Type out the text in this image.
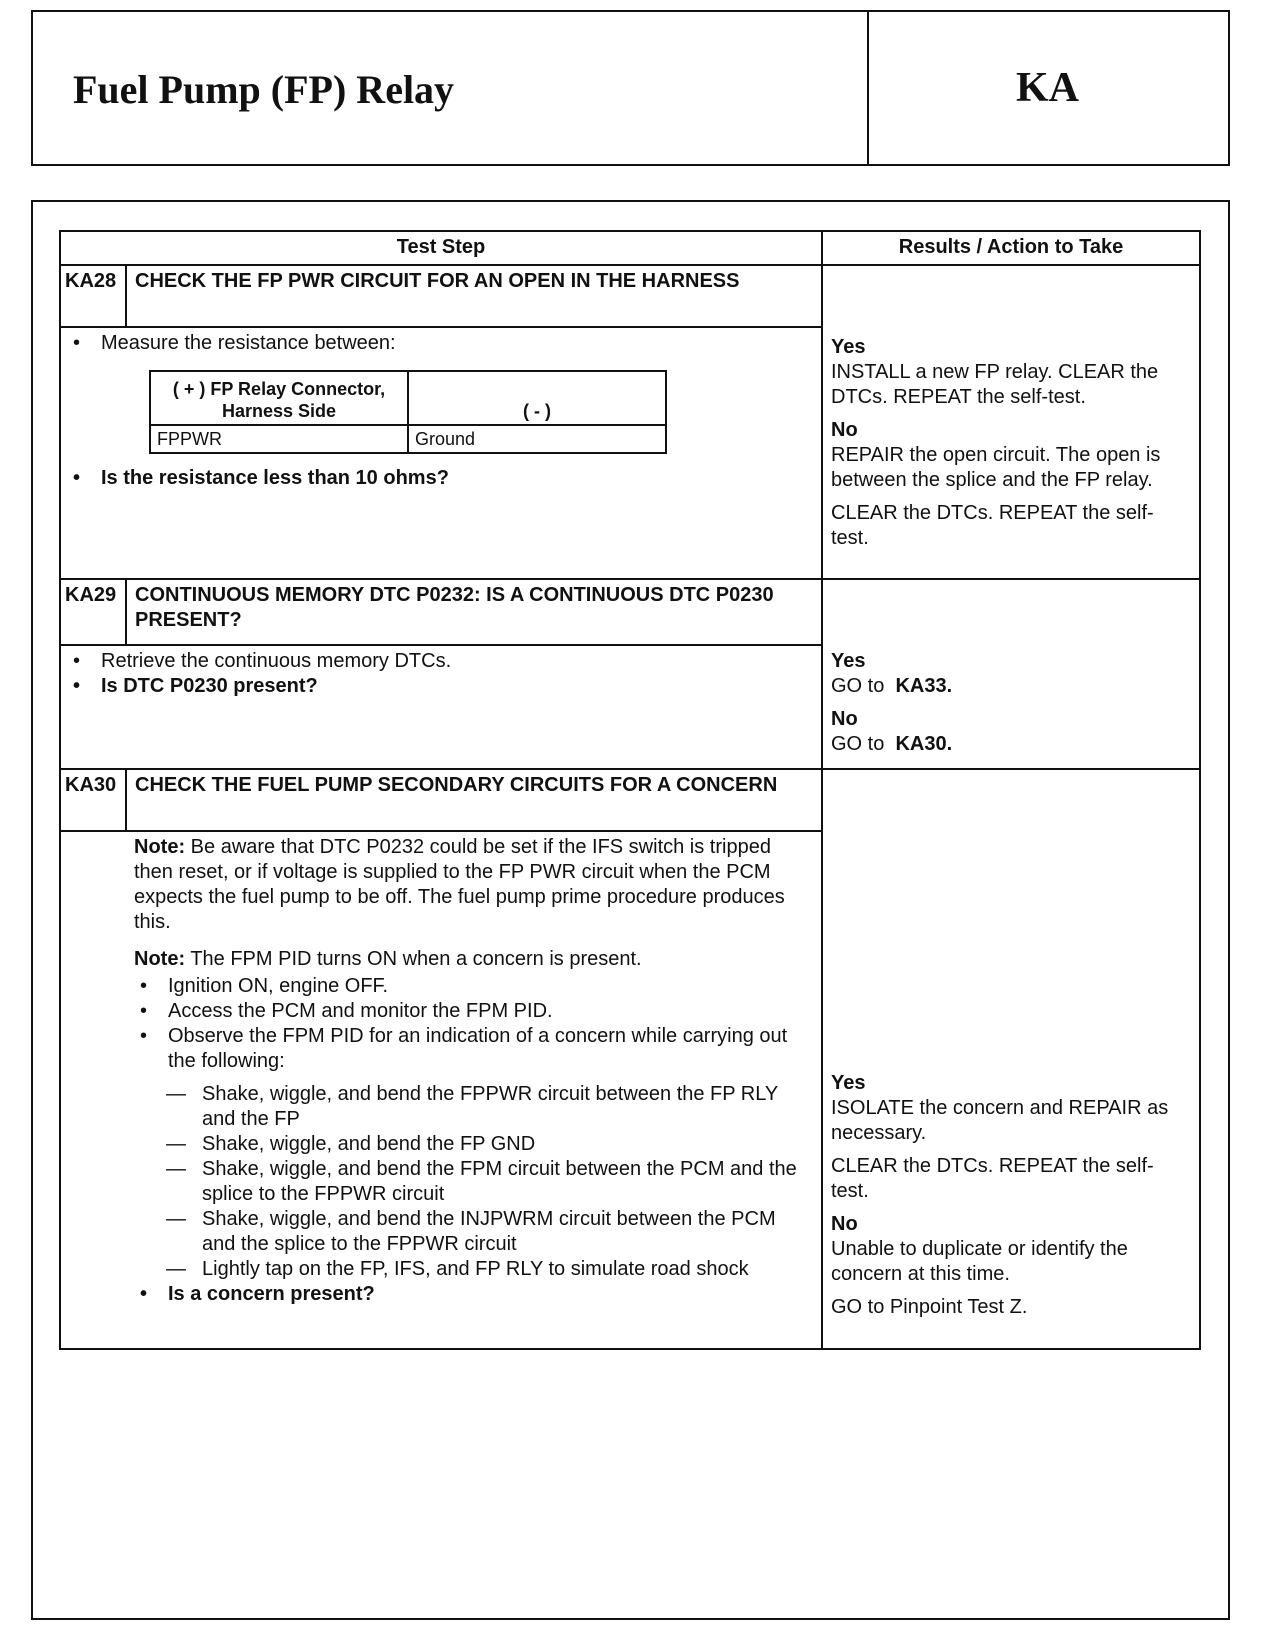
Fuel Pump (FP) Relay	KA
Test Step	Results / Action to Take
KA28	CHECK THE FP PWR CIRCUIT FOR AN OPEN IN THE HARNESS	
Yes

INSTALL a new FP relay. CLEAR the DTCs. REPEAT the self-test.

No

REPAIR the open circuit. The open is between the splice and the FP relay.

CLEAR the DTCs. REPEAT the self-test.

• Measure the resistance between:
( + ) FP Relay Connector, Harness Side	( - )
FPPWR	Ground
• Is the resistance less than 10 ohms?

KA29	CONTINUOUS MEMORY DTC P0232: IS A CONTINUOUS DTC P0230 PRESENT?	
Yes

GO to KA33.

No

GO to KA30.

• Retrieve the continuous memory DTCs.
• Is DTC P0230 present?

KA30	CHECK THE FUEL PUMP SECONDARY CIRCUITS FOR A CONCERN	
Yes

ISOLATE the concern and REPAIR as necessary.

CLEAR the DTCs. REPEAT the self-test.

No

Unable to duplicate or identify the concern at this time.

GO to Pinpoint Test Z.

Note: Be aware that DTC P0232 could be set if the IFS switch is tripped then reset, or if voltage is supplied to the FP PWR circuit when the PCM expects the fuel pump to be off. The fuel pump prime procedure produces this.

Note: The FPM PID turns ON when a concern is present.

• Ignition ON, engine OFF.
• Access the PCM and monitor the FPM PID.
• Observe the FPM PID for an indication of a concern while carrying out the following:
— Shake, wiggle, and bend the FPPWR circuit between the FP RLY and the FP
— Shake, wiggle, and bend the FP GND
— Shake, wiggle, and bend the FPM circuit between the PCM and the splice to the FPPWR circuit
— Shake, wiggle, and bend the INJPWRM circuit between the PCM and the splice to the FPPWR circuit
— Lightly tap on the FP, IFS, and FP RLY to simulate road shock
• Is a concern present?
